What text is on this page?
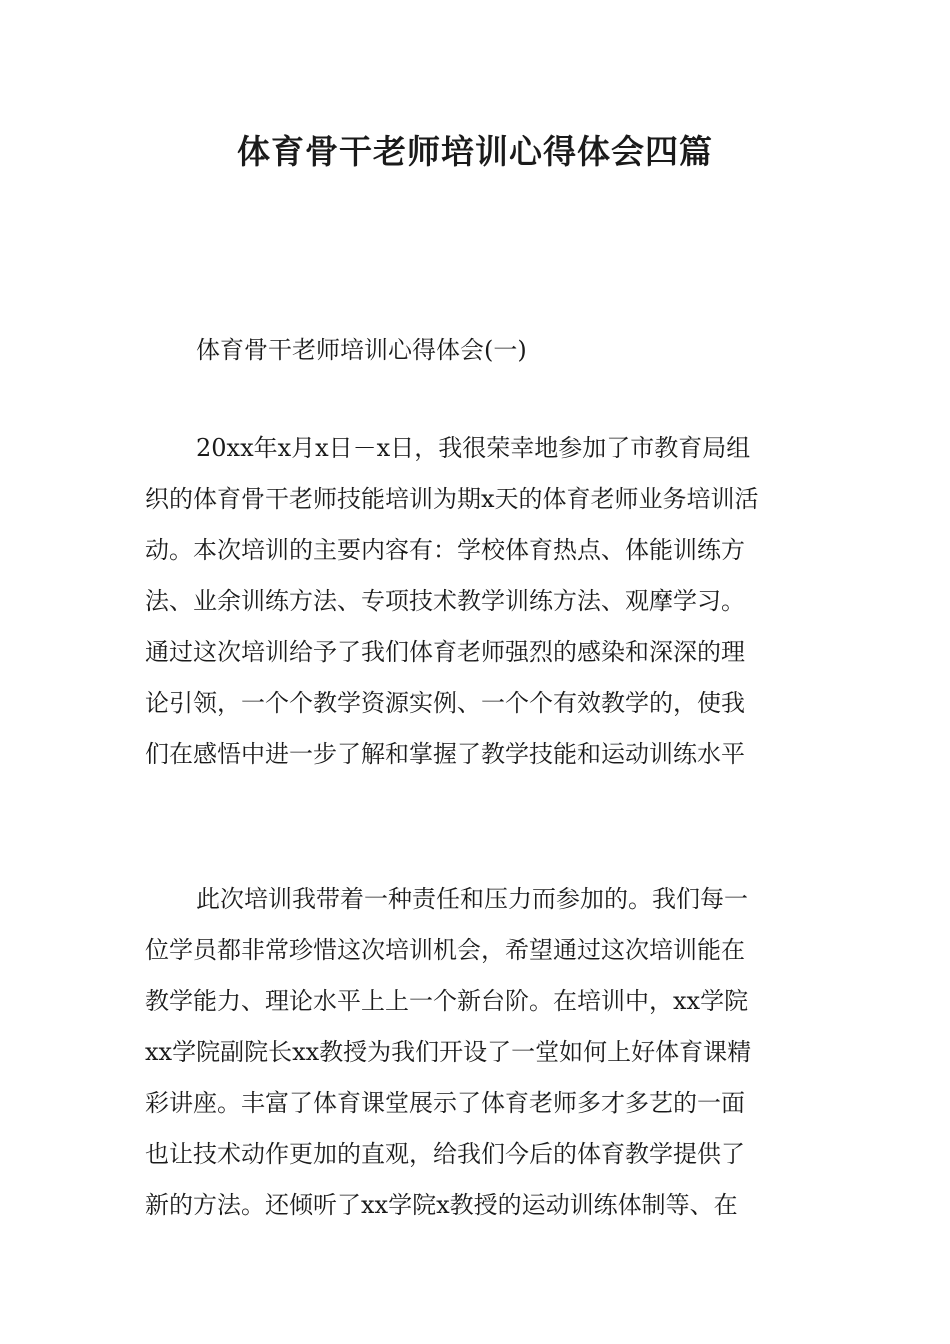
体育骨干老师培训心得体会四篇
体育骨干老师培训心得体会(一)
20xx年x月x日－x日，我很荣幸地参加了市教育局组
织的体育骨干老师技能培训为期x天的体育老师业务培训活
动。本次培训的主要内容有：学校体育热点、体能训练方
法、业余训练方法、专项技术教学训练方法、观摩学习。
通过这次培训给予了我们体育老师强烈的感染和深深的理
论引领，一个个教学资源实例、一个个有效教学的，使我
们在感悟中进一步了解和掌握了教学技能和运动训练水平
此次培训我带着一种责任和压力而参加的。我们每一
位学员都非常珍惜这次培训机会，希望通过这次培训能在
教学能力、理论水平上上一个新台阶。在培训中，xx学院
xx学院副院长xx教授为我们开设了一堂如何上好体育课精
彩讲座。丰富了体育课堂展示了体育老师多才多艺的一面
也让技术动作更加的直观，给我们今后的体育教学提供了
新的方法。还倾听了xx学院x教授的运动训练体制等、在
